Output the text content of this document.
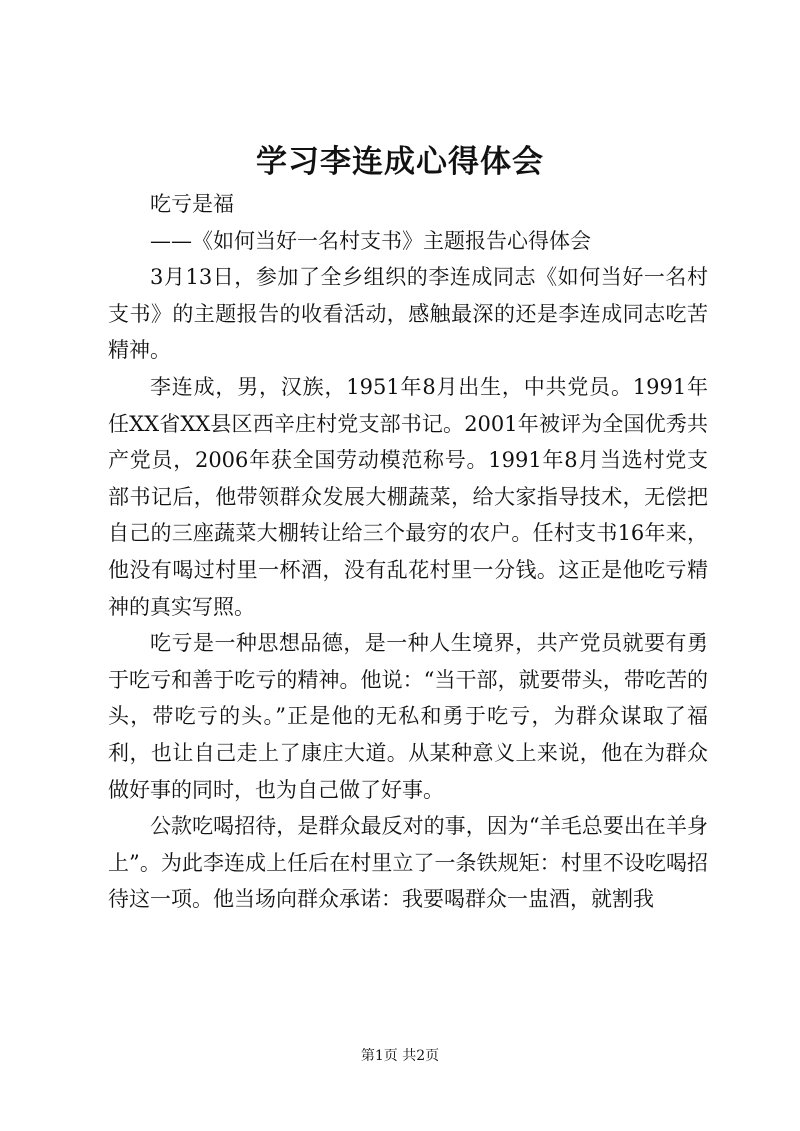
学习李连成心得体会

吃亏是福

——《如何当好一名村支书》主题报告心得体会

3月13日，参加了全乡组织的李连成同志《如何当好一名村支书》的主题报告的收看活动，感触最深的还是李连成同志吃苦精神。

李连成，男，汉族，1951年8月出生，中共党员。1991年任XX省XX县区西辛庄村党支部书记。2001年被评为全国优秀共产党员，2006年获全国劳动模范称号。1991年8月当选村党支部书记后，他带领群众发展大棚蔬菜，给大家指导技术，无偿把自己的三座蔬菜大棚转让给三个最穷的农户。任村支书16年来，他没有喝过村里一杯酒，没有乱花村里一分钱。这正是他吃亏精神的真实写照。

吃亏是一种思想品德，是一种人生境界，共产党员就要有勇于吃亏和善于吃亏的精神。他说：“当干部，就要带头，带吃苦的头，带吃亏的头。”正是他的无私和勇于吃亏，为群众谋取了福利，也让自己走上了康庄大道。从某种意义上来说，他在为群众做好事的同时，也为自己做了好事。

公款吃喝招待，是群众最反对的事，因为“羊毛总要出在羊身上”。为此李连成上任后在村里立了一条铁规矩：村里不设吃喝招待这一项。他当场向群众承诺：我要喝群众一盅酒，就割我

第1页 共2页
